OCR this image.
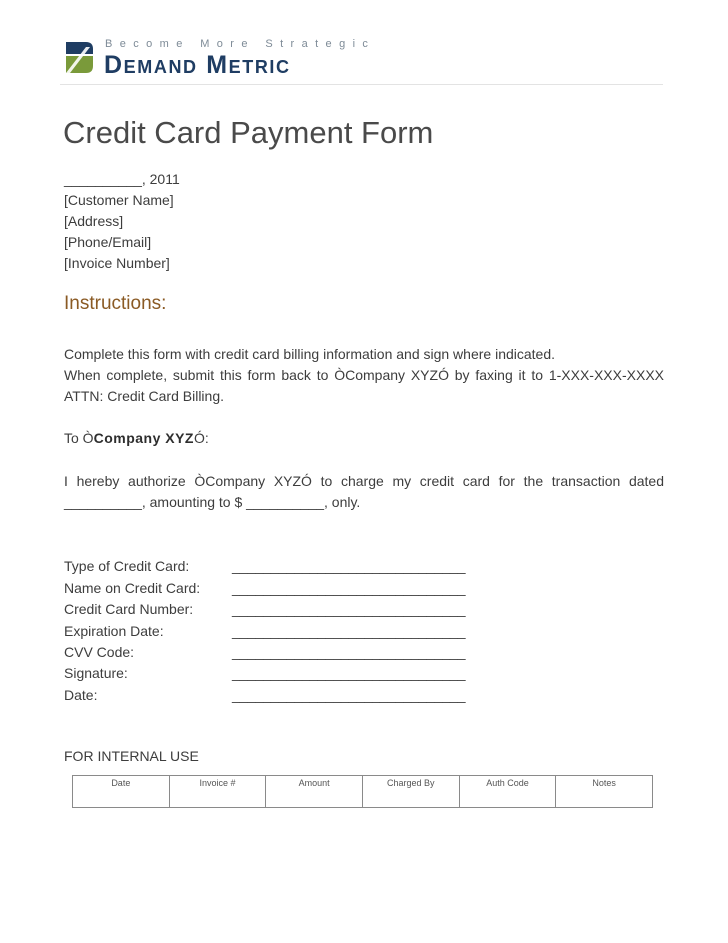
Become More Strategic
Demand Metric
Credit Card Payment Form
__________, 2011
[Customer Name]
[Address]
[Phone/Email]
[Invoice Number]
Instructions:
Complete this form with credit card billing information and sign where indicated.
When complete, submit this form back to ÒCompany XYZÓ by faxing it to 1-XXX-XXX-XXXX
ATTN: Credit Card Billing.
To ÒCompany XYZÓ:
I hereby authorize ÒCompany XYZÓ to charge my credit card for the transaction dated
__________, amounting to $ __________, only.
Type of Credit Card:	______________________________
Name on Credit Card: ______________________________
Credit Card Number:	______________________________
Expiration Date:	______________________________
CVV Code:	______________________________
Signature:	______________________________
Date:	______________________________
FOR INTERNAL USE
Date	Invoice #	Amount	Charged By	Auth Code	Notes
